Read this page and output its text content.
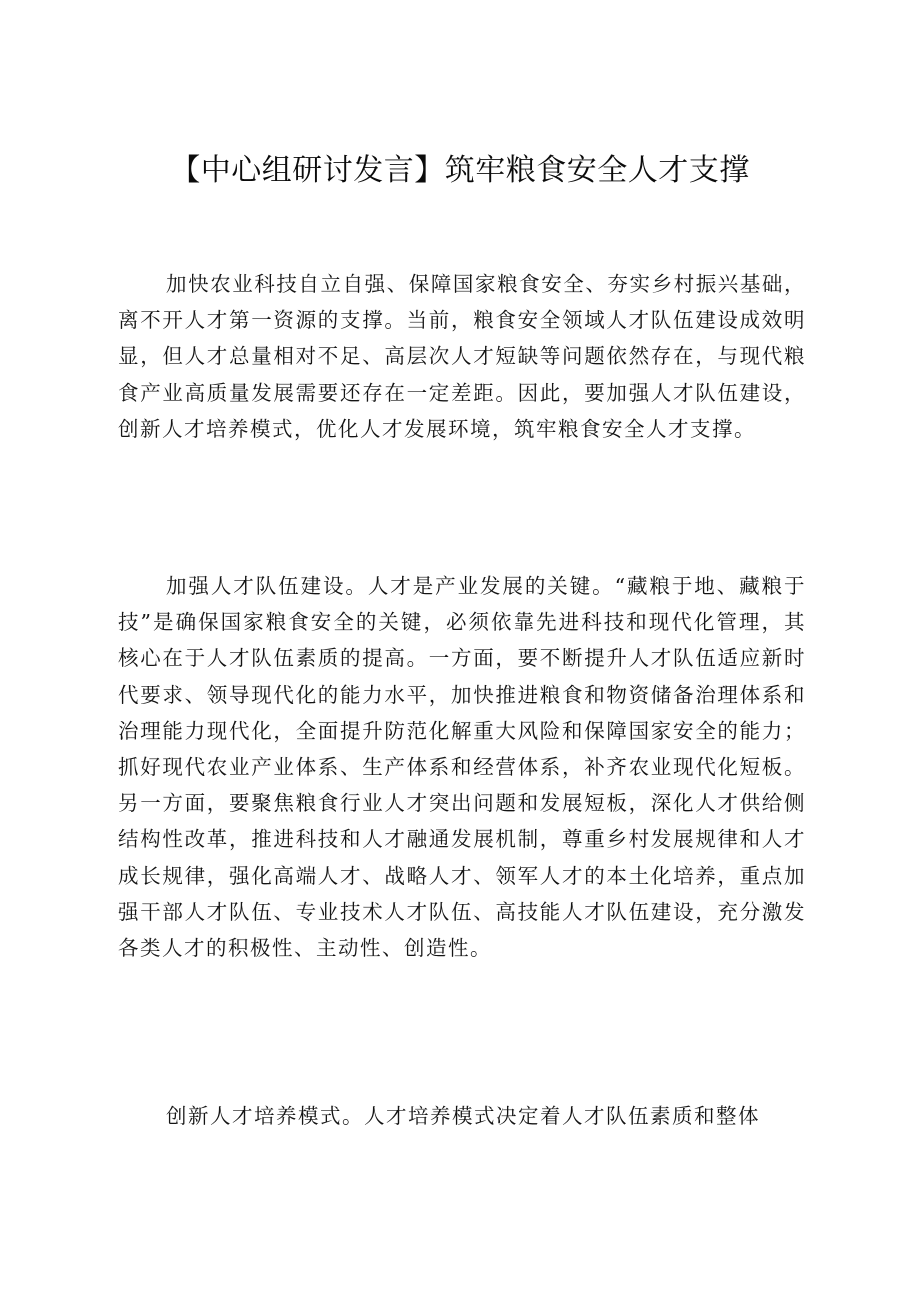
【中心组研讨发言】筑牢粮食安全人才支撑

加快农业科技自立自强、保障国家粮食安全、夯实乡村振兴基础，离不开人才第一资源的支撑。当前，粮食安全领域人才队伍建设成效明显，但人才总量相对不足、高层次人才短缺等问题依然存在，与现代粮食产业高质量发展需要还存在一定差距。因此，要加强人才队伍建设，创新人才培养模式，优化人才发展环境，筑牢粮食安全人才支撑。

加强人才队伍建设。人才是产业发展的关键。“藏粮于地、藏粮于技”是确保国家粮食安全的关键，必须依靠先进科技和现代化管理，其核心在于人才队伍素质的提高。一方面，要不断提升人才队伍适应新时代要求、领导现代化的能力水平，加快推进粮食和物资储备治理体系和治理能力现代化，全面提升防范化解重大风险和保障国家安全的能力；抓好现代农业产业体系、生产体系和经营体系，补齐农业现代化短板。另一方面，要聚焦粮食行业人才突出问题和发展短板，深化人才供给侧结构性改革，推进科技和人才融通发展机制，尊重乡村发展规律和人才成长规律，强化高端人才、战略人才、领军人才的本土化培养，重点加强干部人才队伍、专业技术人才队伍、高技能人才队伍建设，充分激发各类人才的积极性、主动性、创造性。

创新人才培养模式。人才培养模式决定着人才队伍素质和整体
